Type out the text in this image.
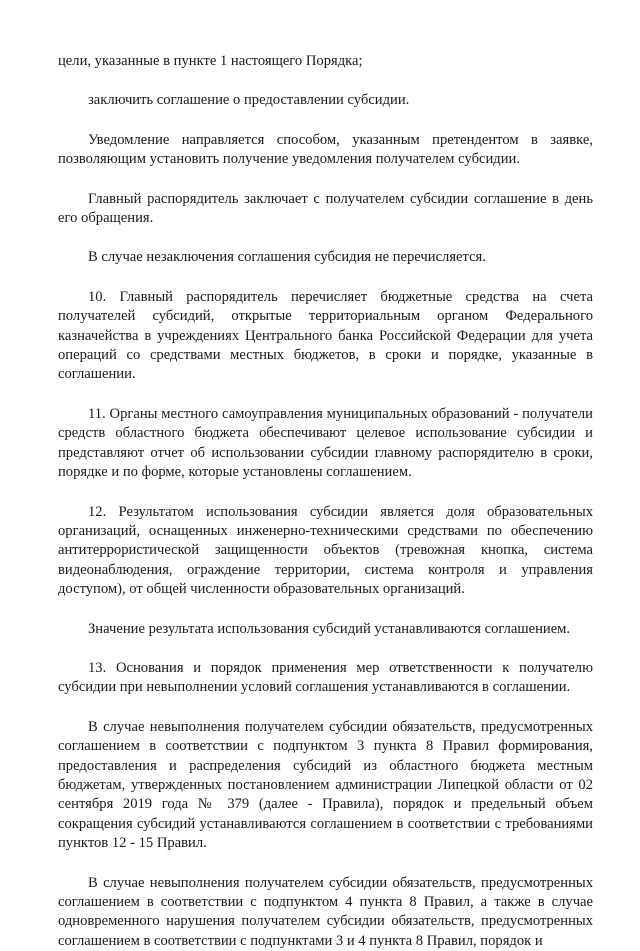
цели, указанные в пункте 1 настоящего Порядка;

заключить соглашение о предоставлении субсидии.

Уведомление направляется способом, указанным претендентом в заявке, позволяющим установить получение уведомления получателем субсидии.

Главный распорядитель заключает с получателем субсидии соглашение в день его обращения.

В случае незаключения соглашения субсидия не перечисляется.

10. Главный распорядитель перечисляет бюджетные средства на счета получателей субсидий, открытые территориальным органом Федерального казначейства в учреждениях Центрального банка Российской Федерации для учета операций со средствами местных бюджетов, в сроки и порядке, указанные в соглашении.

11. Органы местного самоуправления муниципальных образований - получатели средств областного бюджета обеспечивают целевое использование субсидии и представляют отчет об использовании субсидии главному распорядителю в сроки, порядке и по форме, которые установлены соглашением.

12. Результатом использования субсидии является доля образовательных организаций, оснащенных инженерно-техническими средствами по обеспечению антитеррористической защищенности объектов (тревожная кнопка, система видеонаблюдения, ограждение территории, система контроля и управления доступом), от общей численности образовательных организаций.

Значение результата использования субсидий устанавливаются соглашением.

13. Основания и порядок применения мер ответственности к получателю субсидии при невыполнении условий соглашения устанавливаются в соглашении.

В случае невыполнения получателем субсидии обязательств, предусмотренных соглашением в соответствии с подпунктом 3 пункта 8 Правил формирования, предоставления и распределения субсидий из областного бюджета местным бюджетам, утвержденных постановлением администрации Липецкой области от 02 сентября 2019 года № 379 (далее - Правила), порядок и предельный объем сокращения субсидий устанавливаются соглашением в соответствии с требованиями пунктов 12 - 15 Правил.

В случае невыполнения получателем субсидии обязательств, предусмотренных соглашением в соответствии с подпунктом 4 пункта 8 Правил, а также в случае одновременного нарушения получателем субсидии обязательств, предусмотренных соглашением в соответствии с подпунктами 3 и 4 пункта 8 Правил, порядок и
